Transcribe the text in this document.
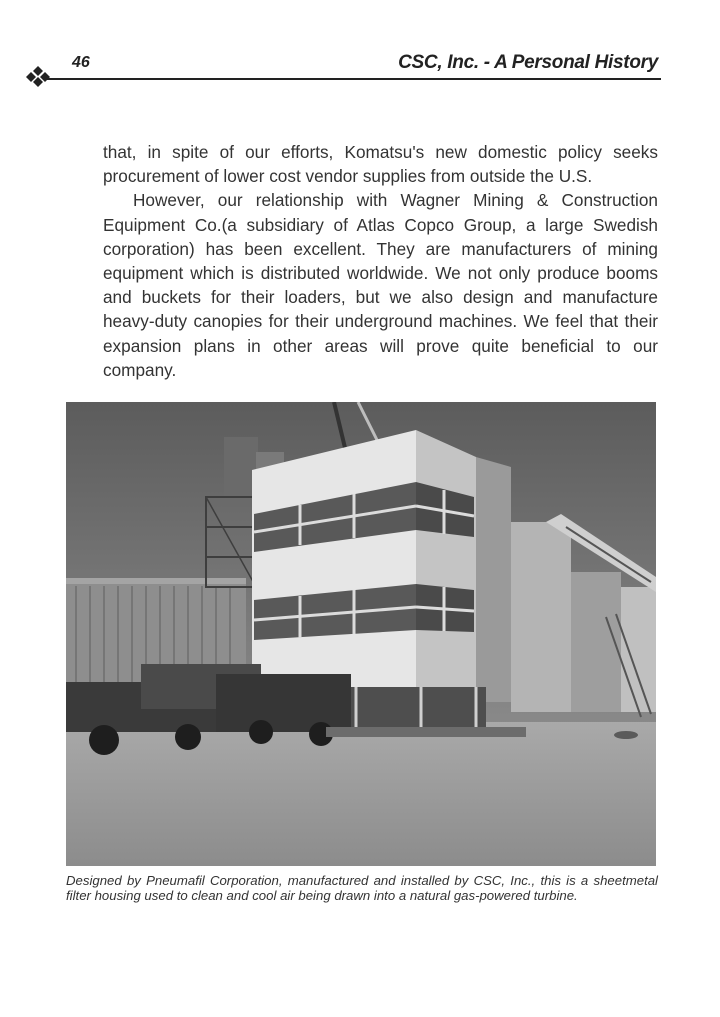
46	CSC, Inc. - A Personal History

that, in spite of our efforts, Komatsu's new domestic policy seeks procurement of lower cost vendor supplies from outside the U.S.

However, our relationship with Wagner Mining & Construction Equipment Co.(a subsidiary of Atlas Copco Group, a large Swedish corporation) has been excellent. They are manufacturers of mining equipment which is distributed worldwide. We not only produce booms and buckets for their loaders, but we also design and manufacture heavy-duty canopies for their underground machines. We feel that their expansion plans in other areas will prove quite beneficial to our company.

Designed by Pneumafil Corporation, manufactured and installed by CSC, Inc., this is a sheetmetal filter housing used to clean and cool air being drawn into a natural gas-powered turbine.
